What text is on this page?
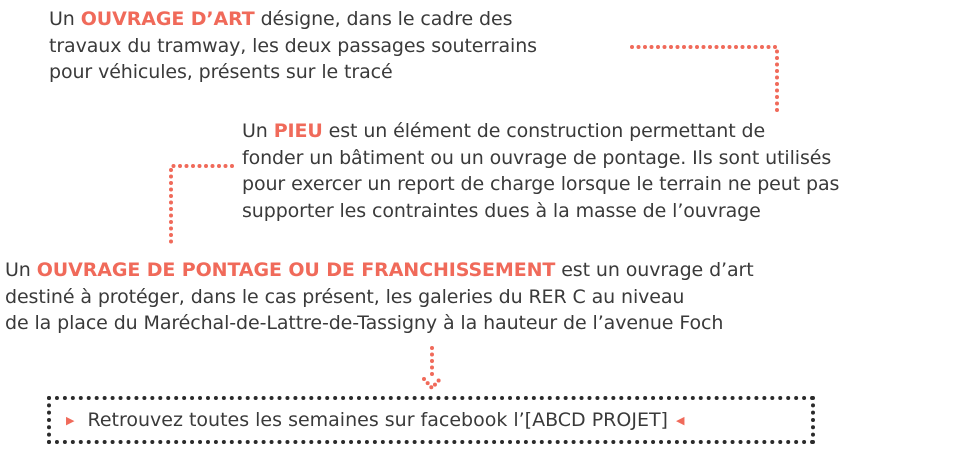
Un OUVRAGE D’ART désigne, dans le cadre des
travaux du tramway, les deux passages souterrains
pour véhicules, présents sur le tracé
Un PIEU est un élément de construction permettant de
fonder un bâtiment ou un ouvrage de pontage. Ils sont utilisés
pour exercer un report de charge lorsque le terrain ne peut pas
supporter les contraintes dues à la masse de l’ouvrage
Un OUVRAGE DE PONTAGE OU DE FRANCHISSEMENT est un ouvrage d’art
destiné à protéger, dans le cas présent, les galeries du RER C au niveau
de la place du Maréchal-de-Lattre-de-Tassigny à la hauteur de l’avenue Foch
▶ Retrouvez toutes les semaines sur facebook l’[ABCD PROJET] ◀
